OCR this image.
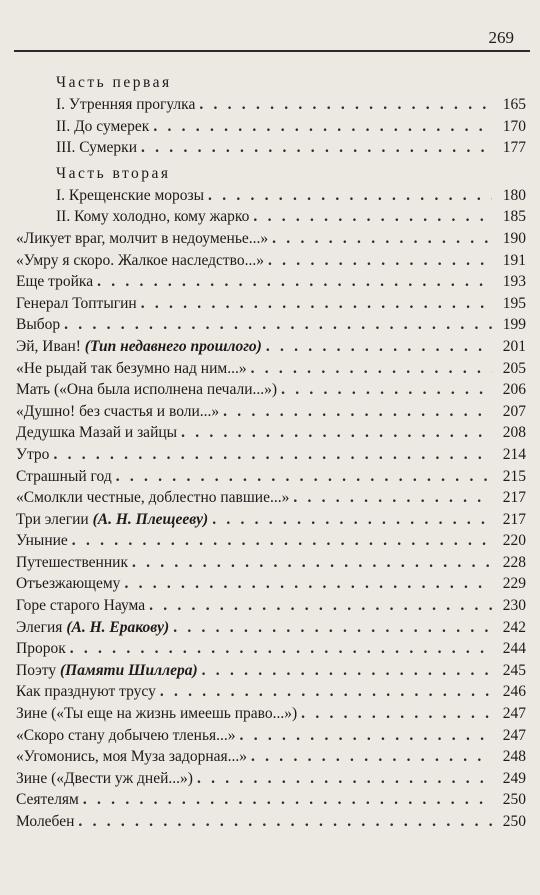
269
Часть первая
I. Утренняя прогулка . . .	165
II. До сумерек . . .	170
III. Сумерки . . .	177
Часть вторая
I. Крещенские морозы . . .	180
II. Кому холодно, кому жарко . . .	185
«Ликует враг, молчит в недоуменье...» . . .	190
«Умру я скоро. Жалкое наследство...» . . .	191
Еще тройка . . .	193
Генерал Топтыгин . . .	195
Выбор . . .	199
Эй, Иван! (Тип недавнего прошлого) . . .	201
«Не рыдай так безумно над ним...» . . .	205
Мать («Она была исполнена печали...») . . .	206
«Душно! без счастья и воли...» . . .	207
Дедушка Мазай и зайцы . . .	208
Утро . . .	214
Страшный год . . .	215
«Смолкли честные, доблестно павшие...» . . .	217
Три элегии (А. Н. Плещееву) . . .	217
Уныние . . .	220
Путешественник . . .	228
Отъезжающему . . .	229
Горе старого Наума . . .	230
Элегия (А. Н. Еракову) . . .	242
Пророк . . .	244
Поэту (Памяти Шиллера) . . .	245
Как празднуют трусу . . .	246
Зине («Ты еще на жизнь имеешь право...») . . .	247
«Скоро стану добычею тленья...» . . .	247
«Угомонись, моя Муза задорная...» . . .	248
Зине («Двести уж дней...») . . .	249
Сеятелям . . .	250
Молебен . . .	250
